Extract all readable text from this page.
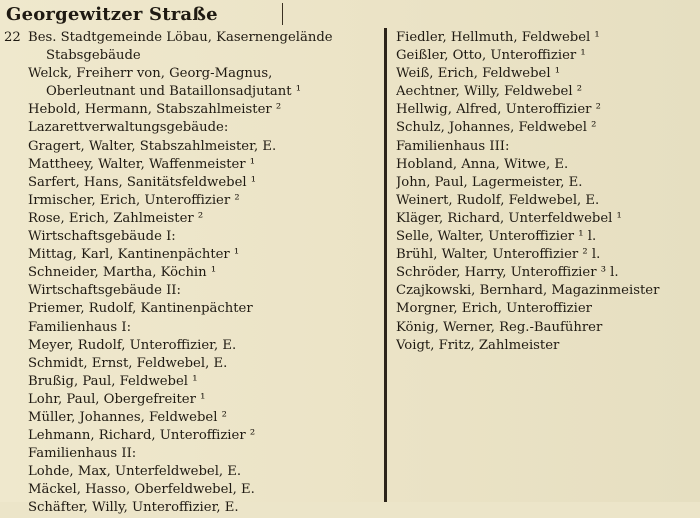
Georgewitzer Straße
22 Bes. Stadtgemeinde Löbau, Kasernengelände
Stabsgebäude
Welck, Freiherr von, Georg-Magnus,
Oberleutnant und Bataillonsadjutant ¹
Hebold, Hermann, Stabszahlmeister ²
Lazarettverwaltungsgebäude:
Gragert, Walter, Stabszahlmeister, E.
Mattheey, Walter, Waffenmeister ¹
Sarfert, Hans, Sanitätsfeldwebel ¹
Irmischer, Erich, Unteroffizier ²
Rose, Erich, Zahlmeister ²
Wirtschaftsgebäude I:
Mittag, Karl, Kantinenpächter ¹
Schneider, Martha, Köchin ¹
Wirtschaftsgebäude II:
Priemer, Rudolf, Kantinenpächter
Familienhaus I:
Meyer, Rudolf, Unteroffizier, E.
Schmidt, Ernst, Feldwebel, E.
Brußig, Paul, Feldwebel ¹
Lohr, Paul, Obergefreiter ¹
Müller, Johannes, Feldwebel ²
Lehmann, Richard, Unteroffizier ²
Familienhaus II:
Lohde, Max, Unterfeldwebel, E.
Mäckel, Hasso, Oberfeldwebel, E.
Schäfter, Willy, Unteroffizier, E.
Fiedler, Hellmuth, Feldwebel ¹
Geißler, Otto, Unteroffizier ¹
Weiß, Erich, Feldwebel ¹
Aechtner, Willy, Feldwebel ²
Hellwig, Alfred, Unteroffizier ²
Schulz, Johannes, Feldwebel ²
Familienhaus III:
Hobland, Anna, Witwe, E.
John, Paul, Lagermeister, E.
Weinert, Rudolf, Feldwebel, E.
Kläger, Richard, Unterfeldwebel ¹
Selle, Walter, Unteroffizier ¹ l.
Brühl, Walter, Unteroffizier ² l.
Schröder, Harry, Unteroffizier ³ l.
Czajkowski, Bernhard, Magazinmeister
Morgner, Erich, Unteroffizier
König, Werner, Reg.-Bauführer
Voigt, Fritz, Zahlmeister
